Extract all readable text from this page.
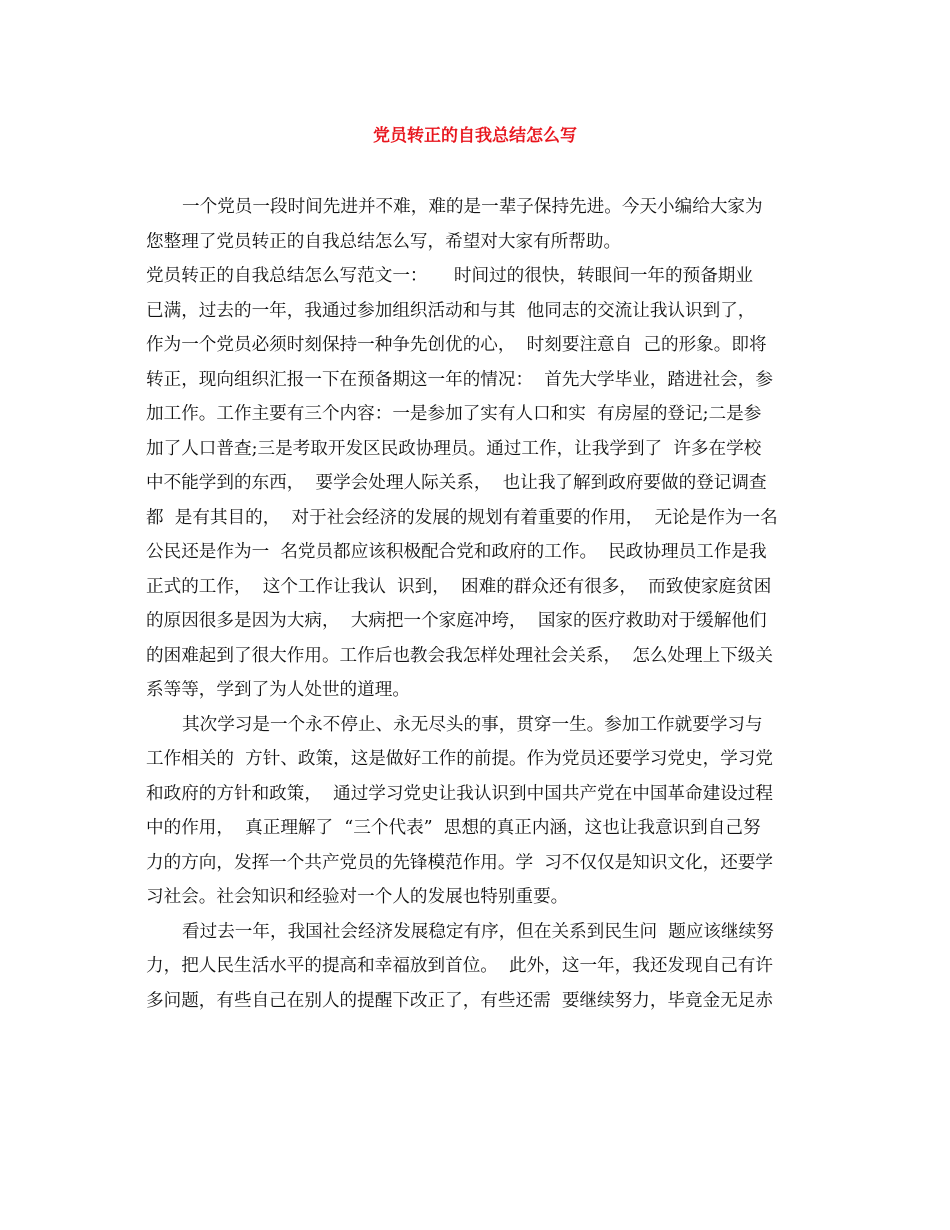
党员转正的自我总结怎么写
一个党员一段时间先进并不难，难的是一辈子保持先进。今天小编给大家为
您整理了党员转正的自我总结怎么写，希望对大家有所帮助。
党员转正的自我总结怎么写范文一：　　时间过的很快，转眼间一年的预备期业
已满，过去的一年，我通过参加组织活动和与其  他同志的交流让我认识到了，
作为一个党员必须时刻保持一种争先创优的心，  时刻要注意自  己的形象。即将
转正，现向组织汇报一下在预备期这一年的情况：  首先大学毕业，踏进社会，参
加工作。工作主要有三个内容：一是参加了实有人口和实  有房屋的登记;二是参
加了人口普查;三是考取开发区民政协理员。通过工作，让我学到了  许多在学校
中不能学到的东西，  要学会处理人际关系，  也让我了解到政府要做的登记调查
都  是有其目的，  对于社会经济的发展的规划有着重要的作用，  无论是作为一名
公民还是作为一  名党员都应该积极配合党和政府的工作。  民政协理员工作是我
正式的工作，  这个工作让我认  识到，  困难的群众还有很多，  而致使家庭贫困
的原因很多是因为大病，  大病把一个家庭冲垮，  国家的医疗救助对于缓解他们
的困难起到了很大作用。工作后也教会我怎样处理社会关系，  怎么处理上下级关
系等等，学到了为人处世的道理。
其次学习是一个永不停止、永无尽头的事，贯穿一生。参加工作就要学习与
工作相关的  方针、政策，这是做好工作的前提。作为党员还要学习党史，学习党
和政府的方针和政策，  通过学习党史让我认识到中国共产党在中国革命建设过程
中的作用，  真正理解了  “三个代表”  思想的真正内涵，这也让我意识到自己努
力的方向，发挥一个共产党员的先锋模范作用。学  习不仅仅是知识文化，还要学
习社会。社会知识和经验对一个人的发展也特别重要。
看过去一年，我国社会经济发展稳定有序，但在关系到民生问  题应该继续努
力，把人民生活水平的提高和幸福放到首位。  此外，这一年，我还发现自己有许
多问题，有些自己在别人的提醒下改正了，有些还需  要继续努力，毕竟金无足赤
